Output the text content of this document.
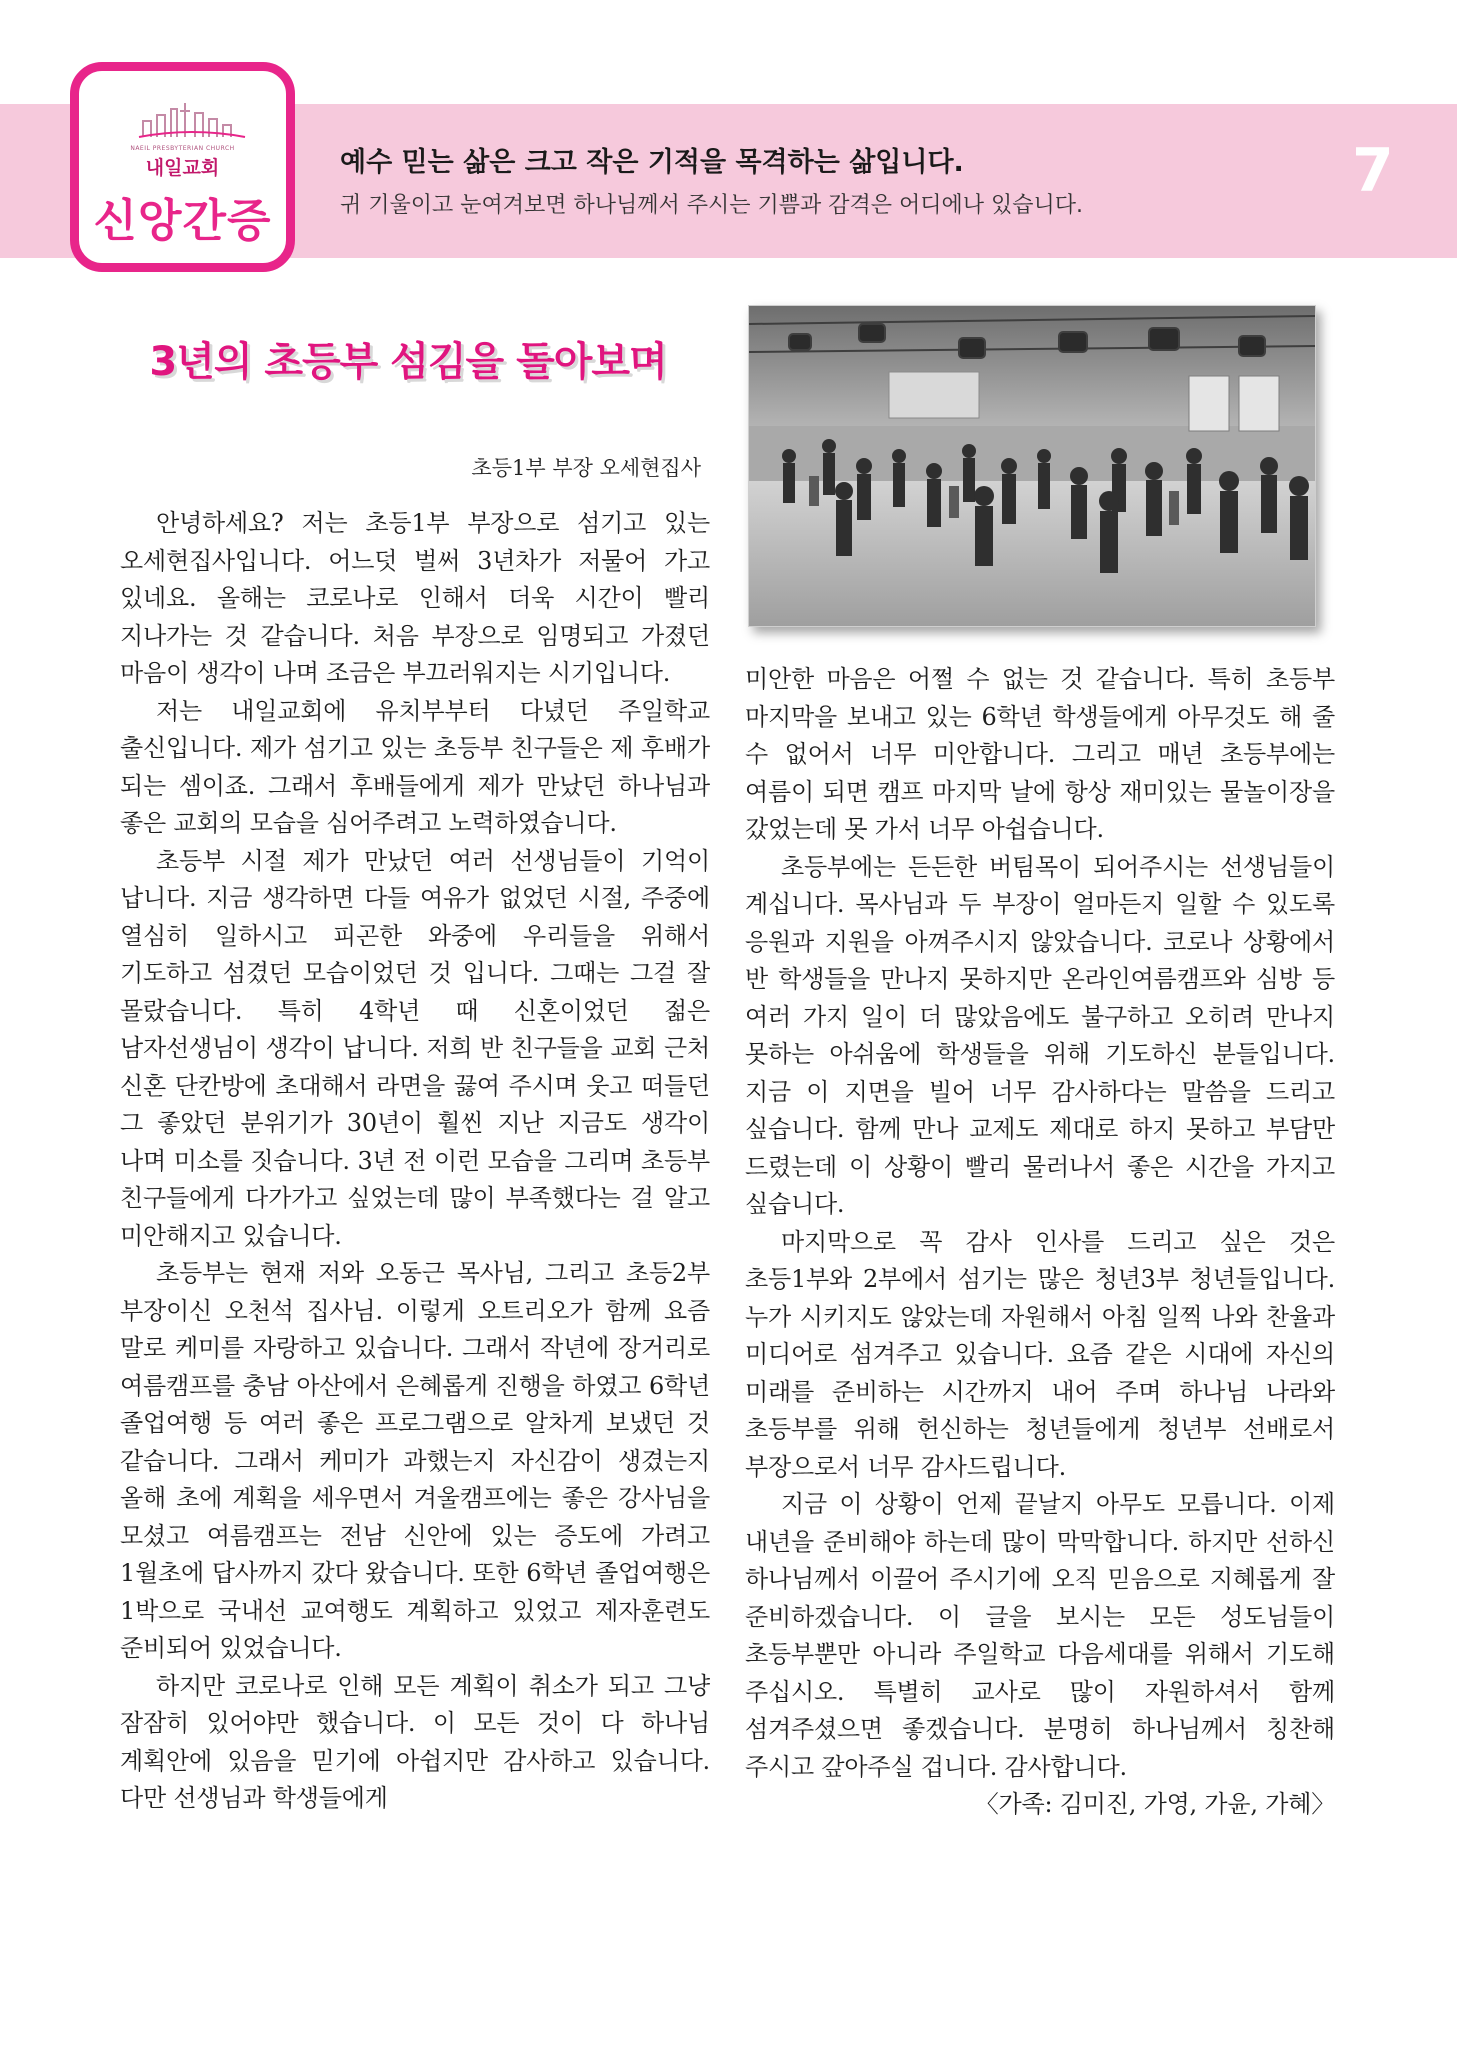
NAEIL PRESBYTERIAN CHURCH
내일교회
신앙간증
예수 믿는 삶은 크고 작은 기적을 목격하는 삶입니다.
귀 기울이고 눈여겨보면 하나님께서 주시는 기쁨과 감격은 어디에나 있습니다.	7
3년의 초등부 섬김을 돌아보며
초등1부 부장 오세현집사

안녕하세요? 저는 초등1부 부장으로 섬기고 있는 오세현집사입니다. 어느덧 벌써 3년차가 저물어 가고 있네요. 올해는 코로나로 인해서 더욱 시간이 빨리 지나가는 것 같습니다. 처음 부장으로 임명되고 가졌던 마음이 생각이 나며 조금은 부끄러워지는 시기입니다.

저는 내일교회에 유치부부터 다녔던 주일학교 출신입니다. 제가 섬기고 있는 초등부 친구들은 제 후배가 되는 셈이죠. 그래서 후배들에게 제가 만났던 하나님과 좋은 교회의 모습을 심어주려고 노력하였습니다.

초등부 시절 제가 만났던 여러 선생님들이 기억이 납니다. 지금 생각하면 다들 여유가 없었던 시절, 주중에 열심히 일하시고 피곤한 와중에 우리들을 위해서 기도하고 섬겼던 모습이었던 것 입니다. 그때는 그걸 잘 몰랐습니다. 특히 4학년 때 신혼이었던 젊은 남자선생님이 생각이 납니다. 저희 반 친구들을 교회 근처 신혼 단칸방에 초대해서 라면을 끓여 주시며 웃고 떠들던 그 좋았던 분위기가 30년이 훨씬 지난 지금도 생각이 나며 미소를 짓습니다. 3년 전 이런 모습을 그리며 초등부 친구들에게 다가가고 싶었는데 많이 부족했다는 걸 알고 미안해지고 있습니다.

초등부는 현재 저와 오동근 목사님, 그리고 초등2부 부장이신 오천석 집사님. 이렇게 오트리오가 함께 요즘 말로 케미를 자랑하고 있습니다. 그래서 작년에 장거리로 여름캠프를 충남 아산에서 은혜롭게 진행을 하였고 6학년 졸업여행 등 여러 좋은 프로그램으로 알차게 보냈던 것 같습니다. 그래서 케미가 과했는지 자신감이 생겼는지 올해 초에 계획을 세우면서 겨울캠프에는 좋은 강사님을 모셨고 여름캠프는 전남 신안에 있는 증도에 가려고 1월초에 답사까지 갔다 왔습니다. 또한 6학년 졸업여행은 1박으로 국내선 교여행도 계획하고 있었고 제자훈련도 준비되어 있었습니다.

하지만 코로나로 인해 모든 계획이 취소가 되고 그냥 잠잠히 있어야만 했습니다. 이 모든 것이 다 하나님 계획안에 있음을 믿기에 아쉽지만 감사하고 있습니다. 다만 선생님과 학생들에게

미안한 마음은 어쩔 수 없는 것 같습니다. 특히 초등부 마지막을 보내고 있는 6학년 학생들에게 아무것도 해 줄 수 없어서 너무 미안합니다. 그리고 매년 초등부에는 여름이 되면 캠프 마지막 날에 항상 재미있는 물놀이장을 갔었는데 못 가서 너무 아쉽습니다.

초등부에는 든든한 버팀목이 되어주시는 선생님들이 계십니다. 목사님과 두 부장이 얼마든지 일할 수 있도록 응원과 지원을 아껴주시지 않았습니다. 코로나 상황에서 반 학생들을 만나지 못하지만 온라인여름캠프와 심방 등 여러 가지 일이 더 많았음에도 불구하고 오히려 만나지 못하는 아쉬움에 학생들을 위해 기도하신 분들입니다. 지금 이 지면을 빌어 너무 감사하다는 말씀을 드리고 싶습니다. 함께 만나 교제도 제대로 하지 못하고 부담만 드렸는데 이 상황이 빨리 물러나서 좋은 시간을 가지고 싶습니다.

마지막으로 꼭 감사 인사를 드리고 싶은 것은 초등1부와 2부에서 섬기는 많은 청년3부 청년들입니다. 누가 시키지도 않았는데 자원해서 아침 일찍 나와 찬율과 미디어로 섬겨주고 있습니다. 요즘 같은 시대에 자신의 미래를 준비하는 시간까지 내어 주며 하나님 나라와 초등부를 위해 헌신하는 청년들에게 청년부 선배로서 부장으로서 너무 감사드립니다.

지금 이 상황이 언제 끝날지 아무도 모릅니다. 이제 내년을 준비해야 하는데 많이 막막합니다. 하지만 선하신 하나님께서 이끌어 주시기에 오직 믿음으로 지혜롭게 잘 준비하겠습니다. 이 글을 보시는 모든 성도님들이 초등부뿐만 아니라 주일학교 다음세대를 위해서 기도해 주십시오. 특별히 교사로 많이 자원하셔서 함께 섬겨주셨으면 좋겠습니다. 분명히 하나님께서 칭찬해 주시고 갚아주실 겁니다. 감사합니다.

〈가족: 김미진, 가영, 가윤, 가혜〉
